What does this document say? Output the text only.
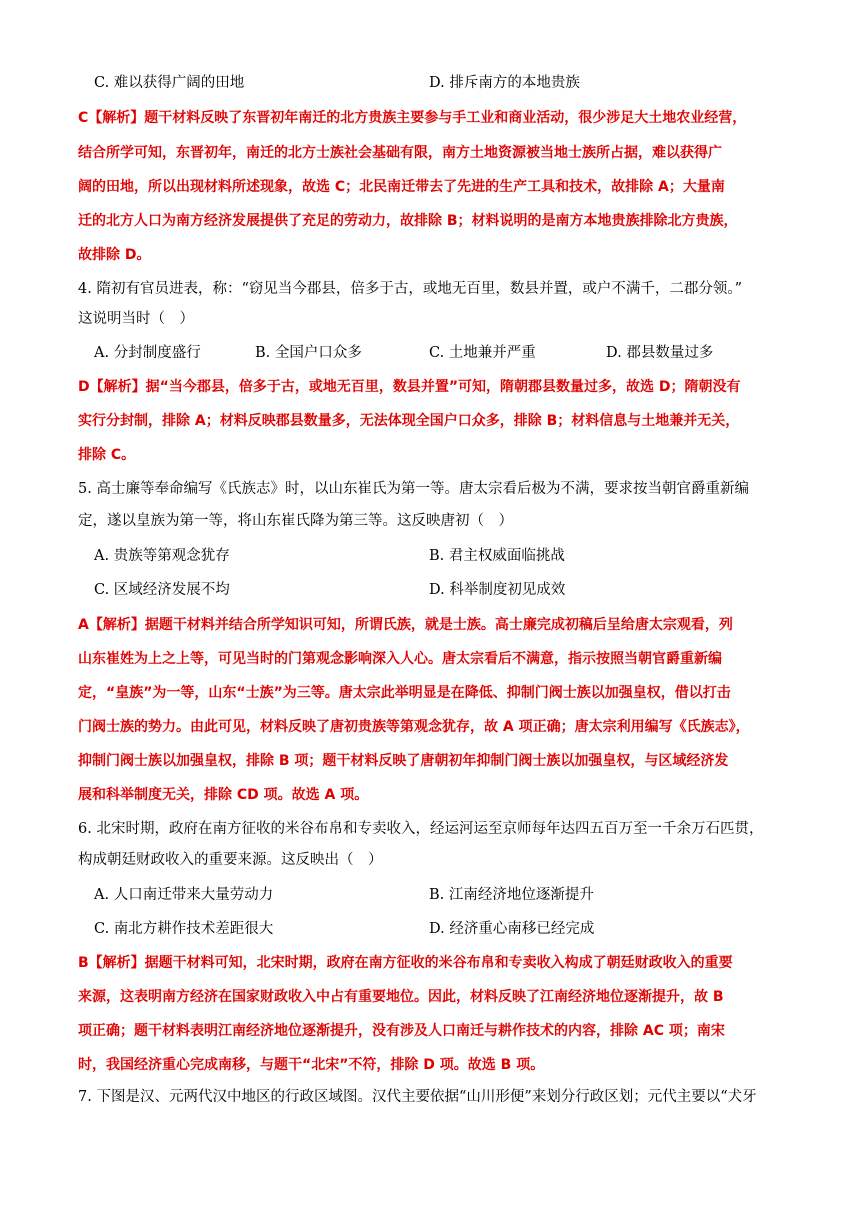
C. 难以获得广阔的田地	D. 排斥南方的本地贵族
C【解析】题干材料反映了东晋初年南迁的北方贵族主要参与手工业和商业活动，很少涉足大土地农业经营，
结合所学可知，东晋初年，南迁的北方士族社会基础有限，南方土地资源被当地士族所占据，难以获得广
阔的田地，所以出现材料所述现象，故选 C；北民南迁带去了先进的生产工具和技术，故排除 A；大量南
迁的北方人口为南方经济发展提供了充足的劳动力，故排除 B；材料说明的是南方本地贵族排除北方贵族，
故排除 D。
4. 隋初有官员进表，称：“窃见当今郡县，倍多于古，或地无百里，数县并置，或户不满千，二郡分领。”
这说明当时（　）
A. 分封制度盛行	B. 全国户口众多	C. 土地兼并严重	D. 郡县数量过多
D【解析】据“当今郡县，倍多于古，或地无百里，数县并置”可知，隋朝郡县数量过多，故选 D；隋朝没有
实行分封制，排除 A；材料反映郡县数量多，无法体现全国户口众多，排除 B；材料信息与土地兼并无关，
排除 C。
5. 高士廉等奉命编写《氏族志》时，以山东崔氏为第一等。唐太宗看后极为不满，要求按当朝官爵重新编
定，遂以皇族为第一等，将山东崔氏降为第三等。这反映唐初（　）
A. 贵族等第观念犹存	B. 君主权威面临挑战
C. 区域经济发展不均	D. 科举制度初见成效
A【解析】据题干材料并结合所学知识可知，所谓氏族，就是士族。高士廉完成初稿后呈给唐太宗观看，列
山东崔姓为上之上等，可见当时的门第观念影响深入人心。唐太宗看后不满意，指示按照当朝官爵重新编
定，“皇族”为一等，山东“士族”为三等。唐太宗此举明显是在降低、抑制门阀士族以加强皇权，借以打击
门阀士族的势力。由此可见，材料反映了唐初贵族等第观念犹存，故 A 项正确；唐太宗利用编写《氏族志》，
抑制门阀士族以加强皇权，排除 B 项；题干材料反映了唐朝初年抑制门阀士族以加强皇权，与区域经济发
展和科举制度无关，排除 CD 项。故选 A 项。
6. 北宋时期，政府在南方征收的米谷布帛和专卖收入，经运河运至京师每年达四五百万至一千余万石匹贯，
构成朝廷财政收入的重要来源。这反映出（　）
A. 人口南迁带来大量劳动力	B. 江南经济地位逐渐提升
C. 南北方耕作技术差距很大	D. 经济重心南移已经完成
B【解析】据题干材料可知，北宋时期，政府在南方征收的米谷布帛和专卖收入构成了朝廷财政收入的重要
来源，这表明南方经济在国家财政收入中占有重要地位。因此，材料反映了江南经济地位逐渐提升，故 B
项正确；题干材料表明江南经济地位逐渐提升，没有涉及人口南迁与耕作技术的内容，排除 AC 项；南宋
时，我国经济重心完成南移，与题干“北宋”不符，排除 D 项。故选 B 项。
7. 下图是汉、元两代汉中地区的行政区域图。汉代主要依据“山川形便”来划分行政区划；元代主要以“犬牙
